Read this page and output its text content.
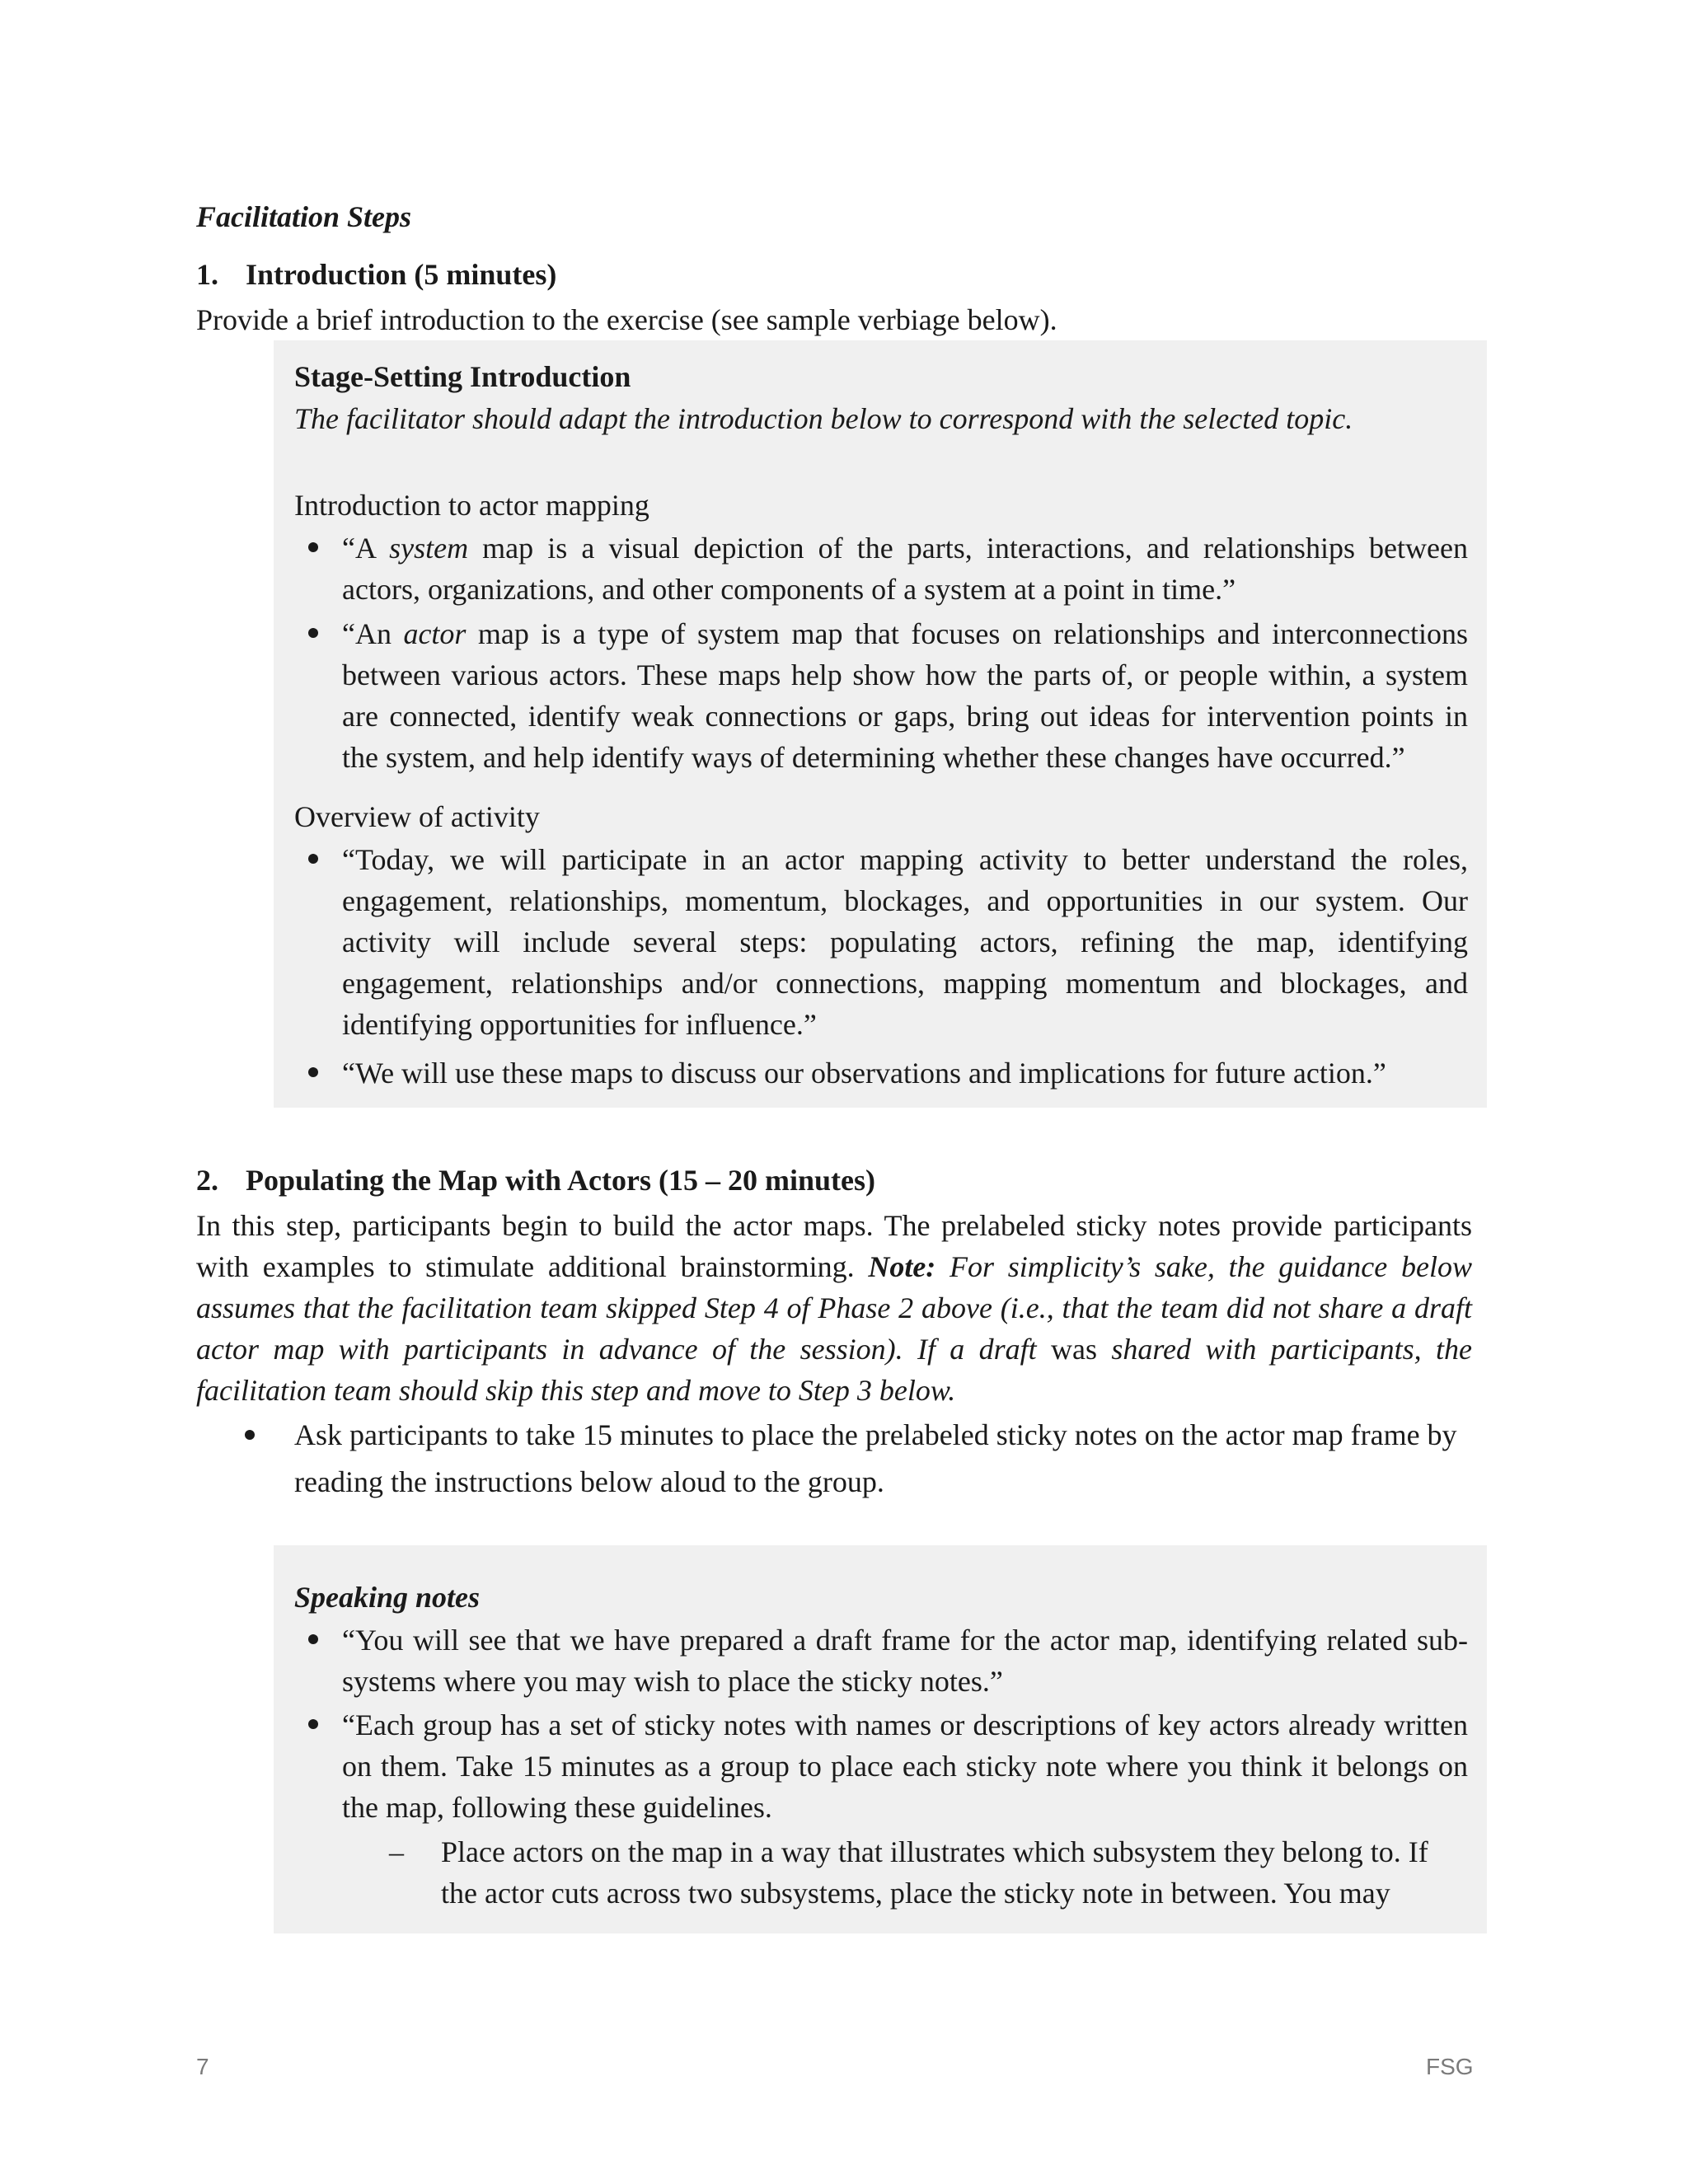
Facilitation Steps
1. Introduction (5 minutes)
Provide a brief introduction to the exercise (see sample verbiage below).
Stage-Setting Introduction
The facilitator should adapt the introduction below to correspond with the selected topic.
Introduction to actor mapping
“A system map is a visual depiction of the parts, interactions, and relationships between
actors, organizations, and other components of a system at a point in time.”
“An actor map is a type of system map that focuses on relationships and interconnections
between various actors. These maps help show how the parts of, or people within, a system
are connected, identify weak connections or gaps, bring out ideas for intervention points in
the system, and help identify ways of determining whether these changes have occurred.”
Overview of activity
“Today, we will participate in an actor mapping activity to better understand the roles,
engagement, relationships, momentum, blockages, and opportunities in our system. Our
activity will include several steps: populating actors, refining the map, identifying
engagement, relationships and/or connections, mapping momentum and blockages, and
identifying opportunities for influence.”
“We will use these maps to discuss our observations and implications for future action.”
2. Populating the Map with Actors (15 – 20 minutes)
In this step, participants begin to build the actor maps. The prelabeled sticky notes provide participants
with examples to stimulate additional brainstorming. Note: For simplicity’s sake, the guidance below
assumes that the facilitation team skipped Step 4 of Phase 2 above (i.e., that the team did not share a draft
actor map with participants in advance of the session). If a draft was shared with participants, the
facilitation team should skip this step and move to Step 3 below.
Ask participants to take 15 minutes to place the prelabeled sticky notes on the actor map frame by
reading the instructions below aloud to the group.
Speaking notes
“You will see that we have prepared a draft frame for the actor map, identifying related sub-
systems where you may wish to place the sticky notes.”
“Each group has a set of sticky notes with names or descriptions of key actors already written
on them. Take 15 minutes as a group to place each sticky note where you think it belongs on
the map, following these guidelines.
– Place actors on the map in a way that illustrates which subsystem they belong to. If
the actor cuts across two subsystems, place the sticky note in between. You may
7	FSG
